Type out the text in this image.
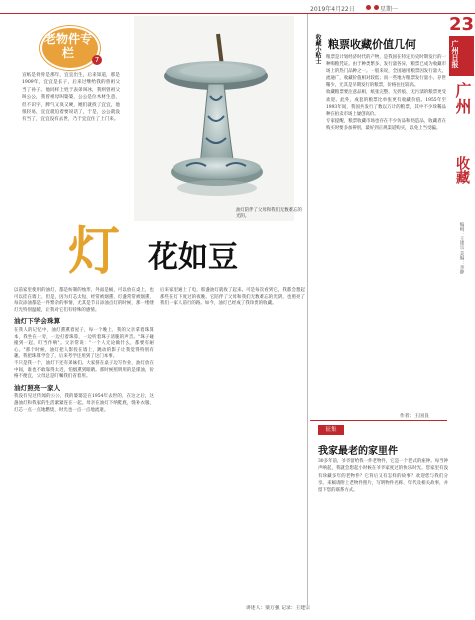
2019年4月22日	星期一
23
广州日报
广州
收藏
编辑：王建宗 美编：李静
老物件专栏	7
宣纸是骨骨是那年，宜宜出生，后来知道，那是1909年，宜宜是长子，后来过继给我的曾祖父当了孙子。他同样上姓于表弟叫冰，我则曾祖父叫公公，我曾祖母叫婆婆，公公是位木材生意，但不识字，脾气又臭又硬，她们就找了宜宜，他很轻易，宜宜就迫着要说话了，于是，公公就没有当了，宜宜没有去世，乃于宜宜住了上门来。
油灯陪伴了父母和我们无数难忘的光阴。
灯 花如豆
以前家里使用的油灯，都是纺制的烛形，外面是桶，可以放在桌上，也可以挂在墙上，但是，因为灯芯太短，经常被烟熏，灯盏常常被烟熏，每次添油都是一件繁杂的事情，尤其是节日添油点灯的时候，那一缕缕灯光特别温暖，让我对它们有特殊的感情。
油灯下学会珠算
在我人的记忆中，油灯熏熏着屋子，每一个晚上，我的父亲拿着珠算本，我坐在一旁，一边打着珠算，一边听着珠子清脆的声音。"珠子碰撞到一起，叮当作响"。父亲常说："一个人无论做什么，都要有耐心。"那个时候，油灯把人影投在墙上，跳动的影子让我觉得特别有趣。我把珠算学会了，后来考学还用到了这门本事。
不只是我一个，油灯下还有弟妹们。大家挤在桌子边写作业，油灯放在中间，谁也不敢靠得太近，怕烟熏到眼睛。那时候照明用的是煤油，价格不便宜，父母总是叮嘱我们省着用。
油灯照亮一家人
我没有见过传闻的公公，我的婆婆是在1954年去世的，在这之后，这盏油灯和我家的生活紧紧连在一起。母亲在油灯下纳鞋底，缝补衣服，灯芯一点一点地燃烧，时光也一点一点地流逝。
后来家里通上了电，那盏油灯就收了起来。可是每次看到它，我都会想起那些在灯下度过的夜晚。它陪伴了父母和我们无数难忘的光阴，也照亮了我们一家人前行的路。如今，油灯已经成了我珍贵的收藏。
讲述人：梁万强 记录：王建宗
收藏小贴士 粮票收藏价值几何
粮票是计划经济时代的产物，是我国在特定历史时期发行的一种购粮凭证。由于种类繁多、发行量各异，粮票已成为收藏市场上的热门品种之一。一般来说，全国通用粮票因发行量大、流通广，收藏价值相对较低；而一些地方粮票发行量小、存世稀少，尤其是早期发行的粮票，价格往往较高。
收藏粮票要注意品相，纸张完整、无折痕、无污渍的粮票更受欢迎。此外，成套的粮票比单张更有收藏价值。1955年至1993年间，我国共发行了数以万计的粮票，其中不少珍稀品种在拍卖市场上屡创高价。
专家提醒，粮票收藏市场也存在不少仿品和伪造品，收藏者在购买时要多加辨别，最好到正规渠道购买，以免上当受骗。
作者：王国良
征集
我家最老的家里件
30多年前，爷爷留给我一件老物件，它是一个老式的座钟。每当钟声响起，我就会想起小时候在爷爷家度过的快乐时光。您家里有没有珍藏多年的老物件？它背后又有怎样的故事？欢迎您与我们分享。来稿请附上老物件照片，写明物件名称、年代及相关故事，并留下您的联系方式。
